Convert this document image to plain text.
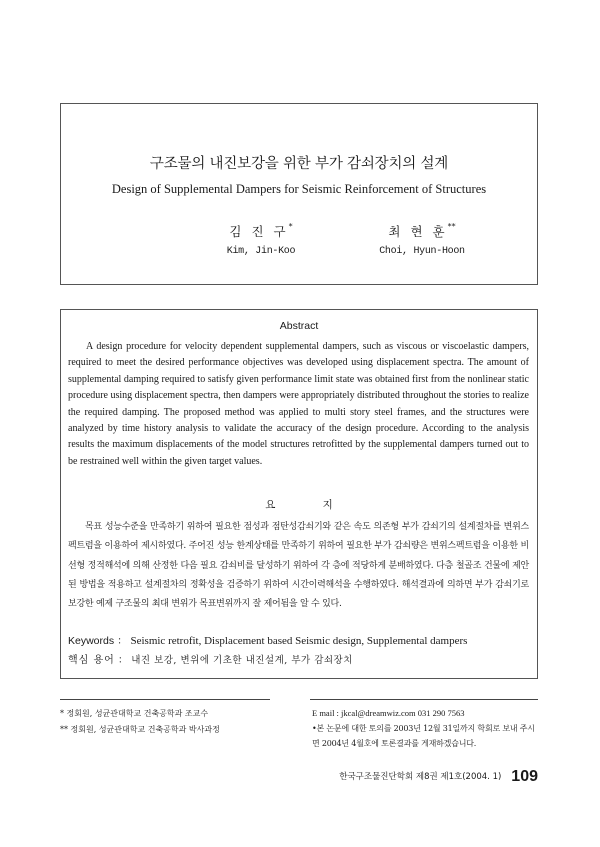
구조물의 내진보강을 위한 부가 감쇠장치의 설계
Design of Supplemental Dampers for Seismic Reinforcement of Structures
김 진 구*
Kim, Jin-Koo
최 현 훈**
Choi, Hyun-Hoon
Abstract
A design procedure for velocity dependent supplemental dampers, such as viscous or viscoelastic dampers, required to meet the desired performance objectives was developed using displacement spectra. The amount of supplemental damping required to satisfy given performance limit state was obtained first from the nonlinear static procedure using displacement spectra, then dampers were appropriately distributed throughout the stories to realize the required damping. The proposed method was applied to multi story steel frames, and the structures were analyzed by time history analysis to validate the accuracy of the design procedure. According to the analysis results the maximum displacements of the model structures retrofitted by the supplemental dampers turned out to be restrained well within the given target values.
요 지
목표 성능수준을 만족하기 위하여 필요한 점성과 점탄성감쇠기와 같은 속도 의존형 부가 감쇠기의 설계절차를 변위스펙트럼을 이용하여 제시하였다. 주어진 성능 한계상태를 만족하기 위하여 필요한 부가 감쇠량은 변위스펙트럼을 이용한 비선형 정적해석에 의해 산정한 다음 필요 감쇠비를 달성하기 위하여 각 층에 적당하게 분배하였다. 다층 철골조 건물에 제안된 방법을 적용하고 설계절차의 정확성을 검증하기 위하여 시간이력해석을 수행하였다. 해석결과에 의하면 부가 감쇠기로 보강한 예제 구조물의 최대 변위가 목표변위까지 잘 제어됨을 알 수 있다.
Keywords ： Seismic retrofit, Displacement based Seismic design, Supplemental dampers
핵심 용어 ： 내진 보강, 변위에 기초한 내진설계, 부가 감쇠장치
* 정회원, 성균관대학교 건축공학과 조교수
** 정회원, 성균관대학교 건축공학과 박사과정
E mail : jkcal@dreamwiz.com 031 290 7563
•본 논문에 대한 토의를 2003년 12월 31일까지 학회로 보내 주시면 2004년 4월호에 토론결과를 게재하겠습니다.
한국구조물진단학회 제8권 제1호(2004. 1) 109
